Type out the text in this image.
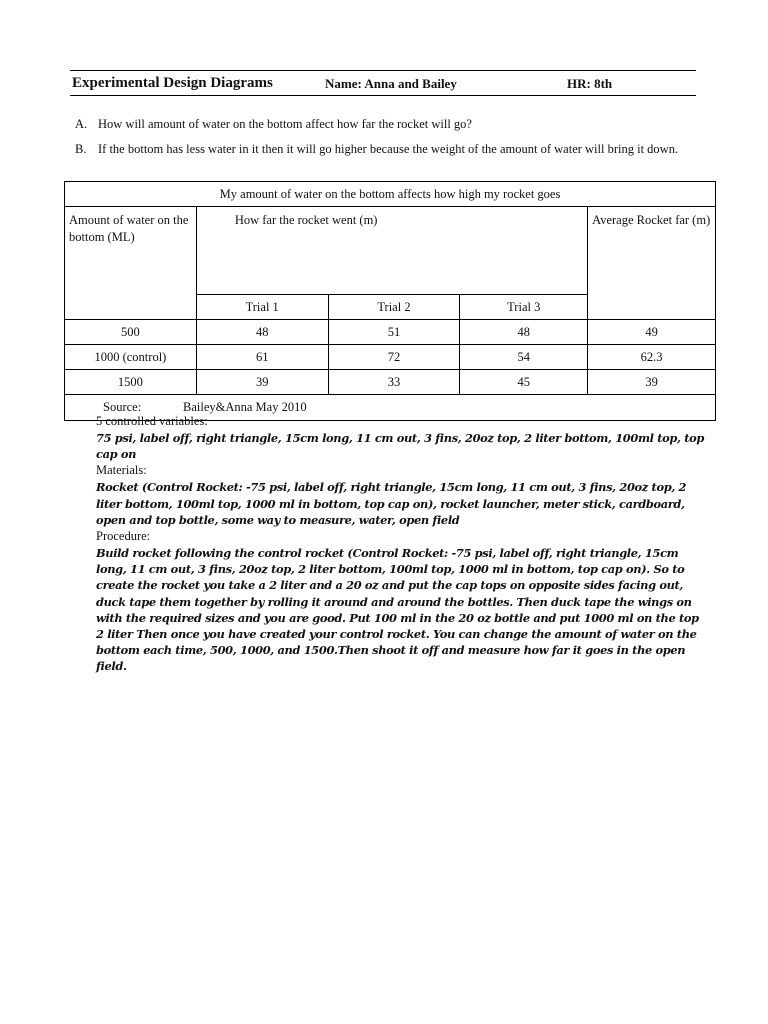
Experimental Design Diagrams	Name: Anna and Bailey	HR: 8th
A. How will amount of water on the bottom affect how far the rocket will go?
B. If the bottom has less water in it then it will go higher because the weight of the amount of water will bring it down.
My amount of water on the bottom affects how high my rocket goes				
Amount of water on the bottom (ML)	How far the rocket went (m)			Average Rocket far (m)
	Trial 1	Trial 2	Trial 3	
500	48	51	48	49
1000 (control)	61	72	54	62.3
1500	39	33	45	39
Source: Bailey&Anna May 2010				
5 controlled variables:
75 psi, label off, right triangle, 15cm long, 11 cm out, 3 fins, 20oz top, 2 liter bottom, 100ml top, top cap on
Materials:
Rocket (Control Rocket: -75 psi, label off, right triangle, 15cm long, 11 cm out, 3 fins, 20oz top, 2 liter bottom, 100ml top, 1000 ml in bottom, top cap on), rocket launcher, meter stick, cardboard, open and top bottle, some way to measure, water, open field
Procedure:
Build rocket following the control rocket (Control Rocket: -75 psi, label off, right triangle, 15cm long, 11 cm out, 3 fins, 20oz top, 2 liter bottom, 100ml top, 1000 ml in bottom, top cap on). So to create the rocket you take a 2 liter and a 20 oz and put the cap tops on opposite sides facing out, duck tape them together by rolling it around and around the bottles. Then duck tape the wings on with the required sizes and you are good. Put 100 ml in the 20 oz bottle and put 1000 ml on the top 2 liter Then once you have created your control rocket. You can change the amount of water on the bottom each time, 500, 1000, and 1500.Then shoot it off and measure how far it goes in the open field.
